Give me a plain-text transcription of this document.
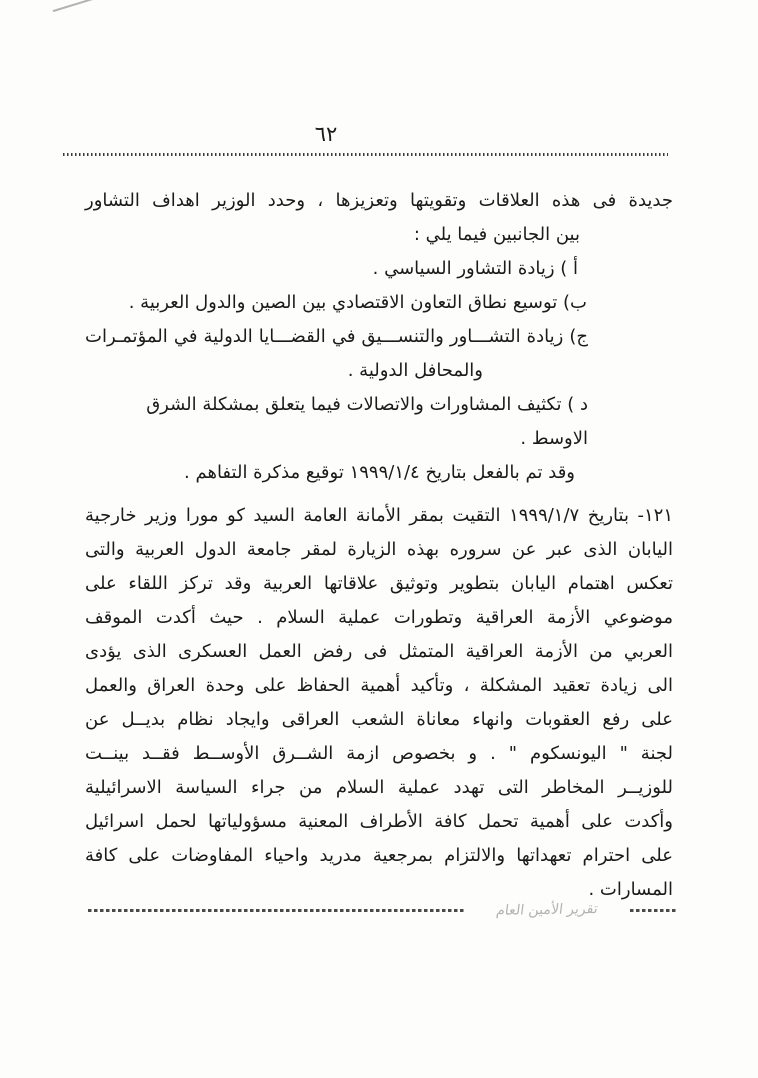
٦٢
جديدة فى هذه العلاقات وتقويتها وتعزيزها ، وحدد الوزير اهداف التشاور
بين الجانبين فيما يلي :
أ ) زيادة التشاور السياسي .
ب) توسيع نطاق التعاون الاقتصادي بين الصين والدول العربية .
ج) زيادة التشـــاور والتنســـيق في القضـــايا الدولية في المؤتمـرات
والمحافل الدولية .
د ) تكثيف المشاورات والاتصالات فيما يتعلق بمشكلة الشرق الاوسط .
وقد تم بالفعل بتاريخ ١٩٩٩/١/٤ توقيع مذكرة التفاهم .
١٢١- بتاريخ ١٩٩٩/١/٧ التقيت بمقر الأمانة العامة السيد كو مورا وزير خارجية
اليابان الذى عبر عن سروره بهذه الزيارة لمقر جامعة الدول العربية والتى
تعكس اهتمام اليابان بتطوير وتوثيق علاقاتها العربية وقد تركز اللقاء على
موضوعي الأزمة العراقية وتطورات عملية السلام . حيث أكدت الموقف
العربي من الأزمة العراقية المتمثل فى رفض العمل العسكرى الذى يؤدى
الى زيادة تعقيد المشكلة ، وتأكيد أهمية الحفاظ على وحدة العراق والعمل
على رفع العقوبات وانهاء معاناة الشعب العراقى وايجاد نظام بديــل عن
لجنة " اليونسكوم " . و بخصوص ازمة الشــرق الأوســط فقــد بينــت
للوزيــر المخاطر التى تهدد عملية السلام من جراء السياسة الاسرائيلية
وأكدت على أهمية تحمل كافة الأطراف المعنية مسؤولياتها لحمل اسرائيل
على احترام تعهداتها والالتزام بمرجعية مدريد واحياء المفاوضات على كافة
المسارات .
تقرير الأمين العام
